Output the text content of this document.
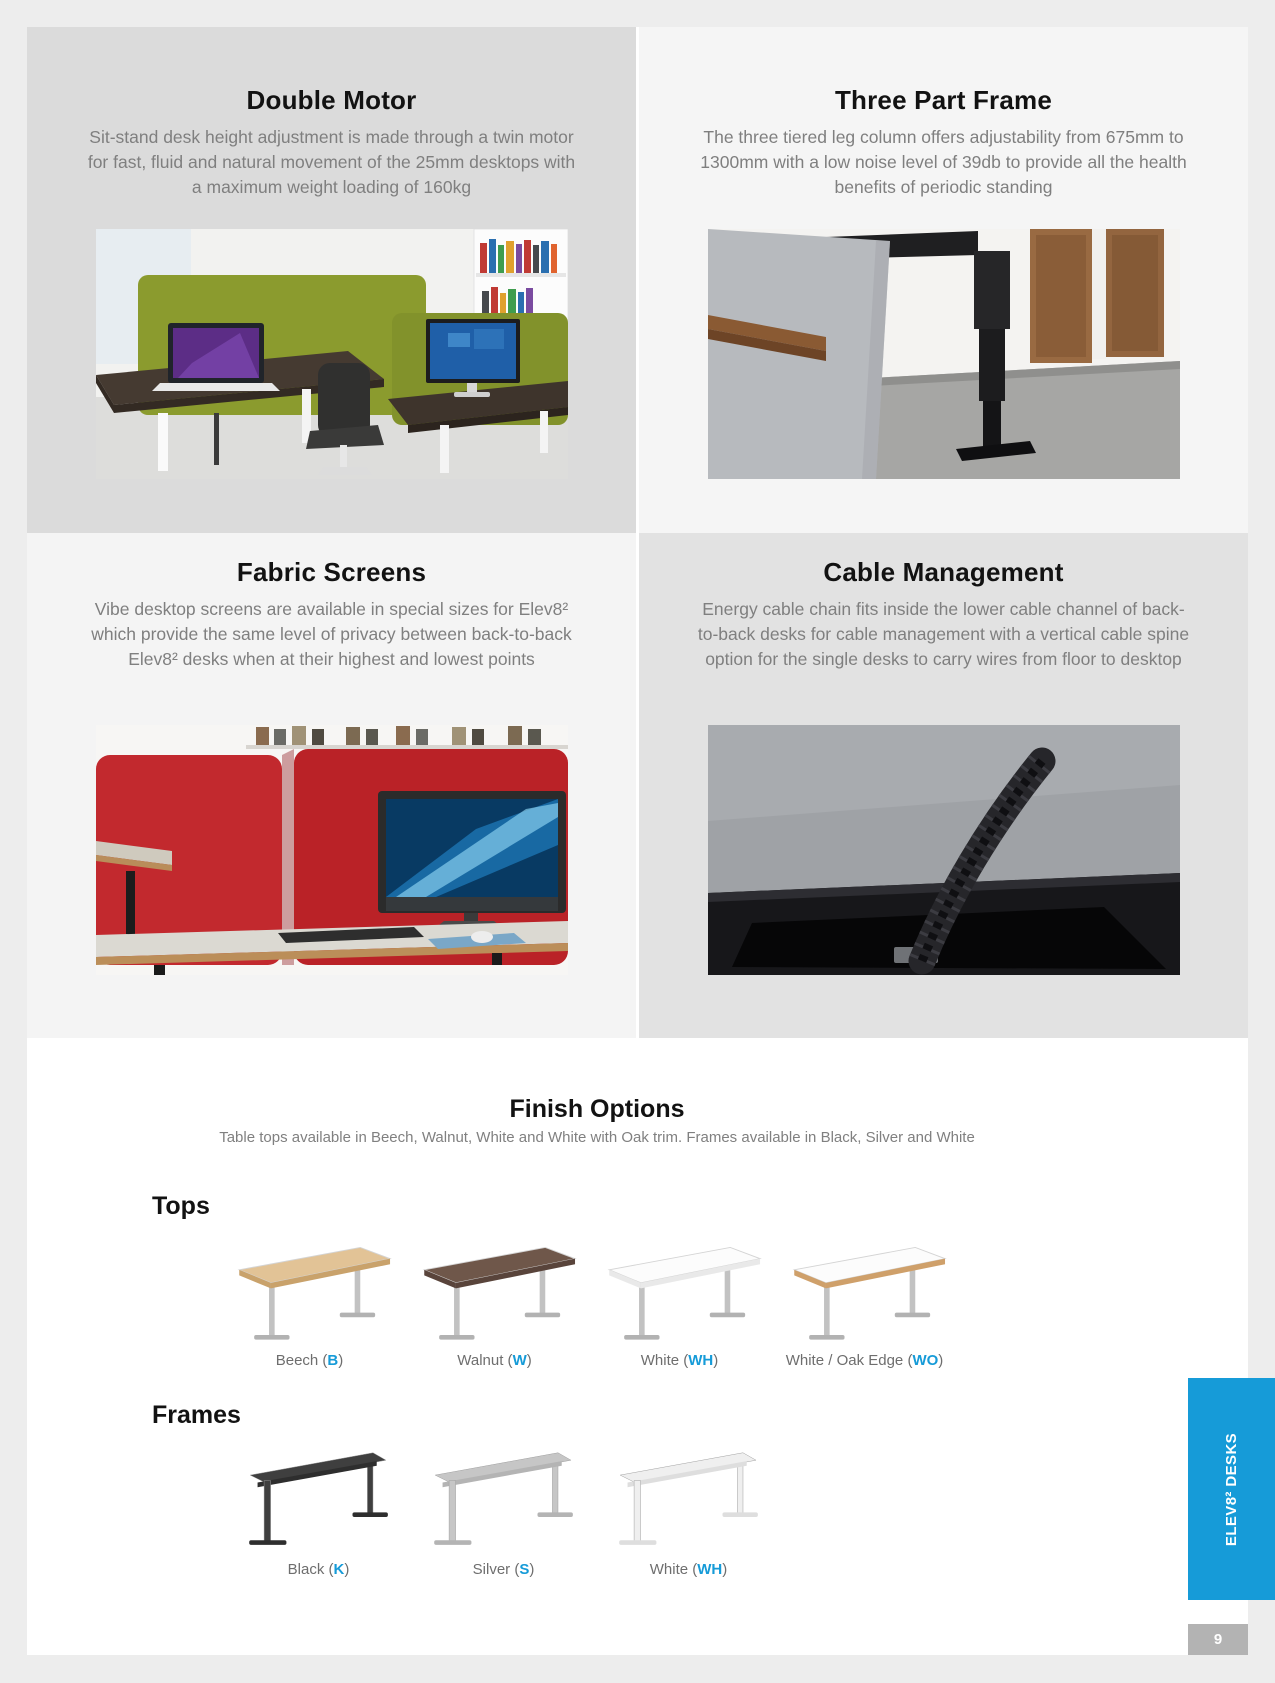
Double Motor

Sit-stand desk height adjustment is made through a twin motor for fast, fluid and natural movement of the 25mm desktops with a maximum weight loading of 160kg

Three Part Frame

The three tiered leg column offers adjustability from 675mm to 1300mm with a low noise level of 39db to provide all the health benefits of periodic standing

Fabric Screens

Vibe desktop screens are available in special sizes for Elev8² which provide the same level of privacy between back-to-back Elev8² desks when at their highest and lowest points

Cable Management

Energy cable chain fits inside the lower cable channel of back-to-back desks for cable management with a vertical cable spine option for the single desks to carry wires from floor to desktop

Finish Options
Table tops available in Beech, Walnut, White and White with Oak trim. Frames available in Black, Silver and White
Tops
Beech (B)	Walnut (W)	White (WH)	White / Oak Edge (WO)
Frames
Black (K)	Silver (S)	White (WH)
ELEV8² DESKS
9
